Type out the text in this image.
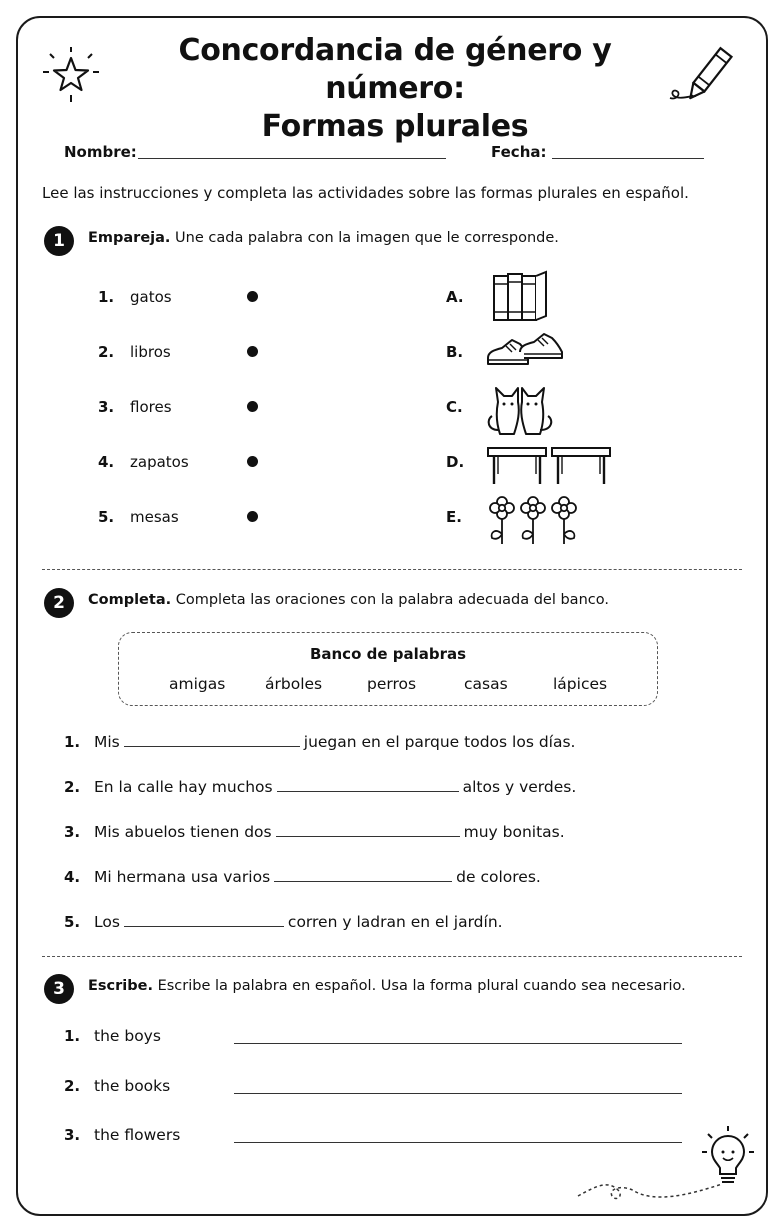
Concordancia de género y número:
Formas plurales
Nombre:	Fecha:
Lee las instrucciones y completa las actividades sobre las formas plurales en español.
1	Empareja. Une cada palabra con la imagen que le corresponde.
1. gatos
2. libros
3. flores
4. zapatos
5. mesas
A.
B.
C.
D.
E.
2	Completa. Completa las oraciones con la palabra adecuada del banco.
Banco de palabras
amigas	árboles	perros	casas	lápices
1. Mis	juegan en el parque todos los días.
2. En la calle hay muchos	altos y verdes.
3. Mis abuelos tienen dos	muy bonitas.
4. Mi hermana usa varios	de colores.
5. Los	corren y ladran en el jardín.
3	Escribe. Escribe la palabra en español. Usa la forma plural cuando sea necesario.
1. the boys
2. the books
3. the flowers
